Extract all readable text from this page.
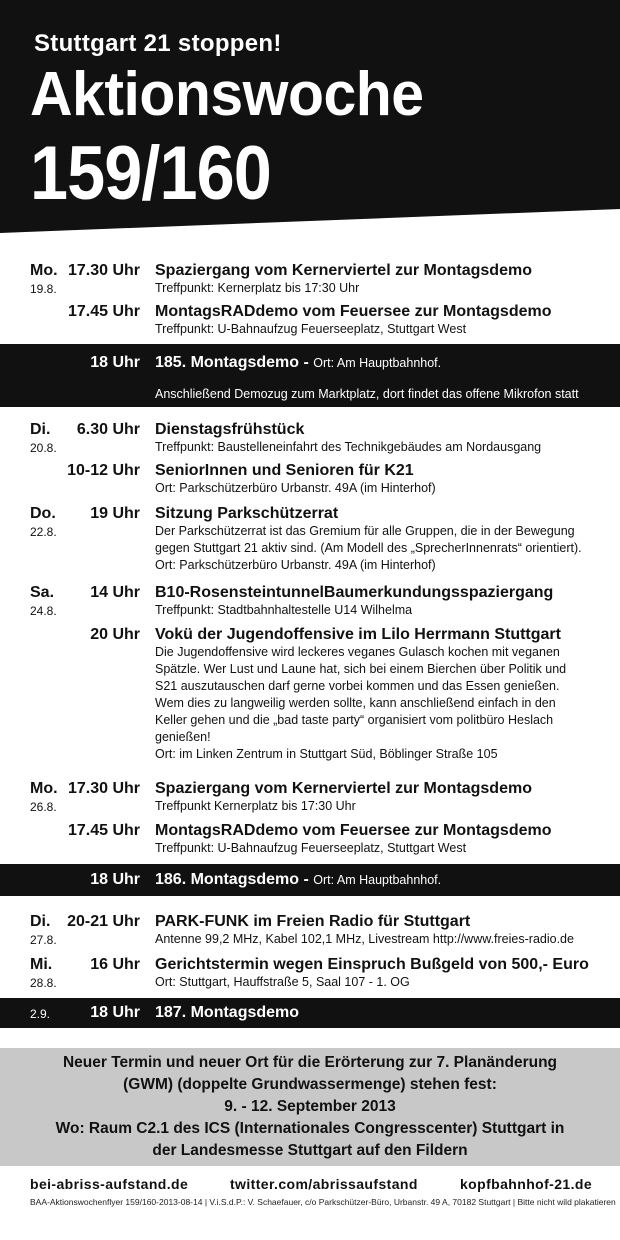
Stuttgart 21 stoppen!
Aktionswoche
159/160	19.8.- 2.9.
Mo.
19.8.
17.30 Uhr Spaziergang vom Kernerviertel zur Montagsdemo
Treffpunkt: Kernerplatz bis 17:30 Uhr
17.45 Uhr MontagsRADdemo vom Feuersee zur Montagsdemo
Treffpunkt: U-Bahnaufzug Feuerseeplatz, Stuttgart West
18 Uhr 185. Montagsdemo - Ort: Am Hauptbahnhof.
Anschließend Demozug zum Marktplatz, dort findet das offene Mikrofon statt
Di.
20.8.
6.30 Uhr Dienstagsfrühstück
Treffpunkt: Baustelleneinfahrt des Technikgebäudes am Nordausgang
10-12 Uhr SeniorInnen und Senioren für K21
Ort: Parkschützerbüro Urbanstr. 49A (im Hinterhof)
Do.
22.8.
19 Uhr Sitzung Parkschützerrat
Der Parkschützerrat ist das Gremium für alle Gruppen, die in der Bewegung
gegen Stuttgart 21 aktiv sind. (Am Modell des „SprecherInnenrats“ orientiert).
Ort: Parkschützerbüro Urbanstr. 49A (im Hinterhof)
Sa.
24.8.
14 Uhr B10-RosensteintunnelBaumerkundungsspaziergang
Treffpunkt: Stadtbahnhaltestelle U14 Wilhelma
20 Uhr Vokü der Jugendoffensive im Lilo Herrmann Stuttgart
Die Jugendoffensive wird leckeres veganes Gulasch kochen mit veganen
Spätzle. Wer Lust und Laune hat, sich bei einem Bierchen über Politik und
S21 auszutauschen darf gerne vorbei kommen und das Essen genießen.
Wem dies zu langweilig werden sollte, kann anschließend einfach in den
Keller gehen und die „bad taste party“ organisiert vom politbüro Heslach
genießen!
Ort: im Linken Zentrum in Stuttgart Süd, Böblinger Straße 105
Mo.
26.8.
17.30 Uhr Spaziergang vom Kernerviertel zur Montagsdemo
Treffpunkt Kernerplatz bis 17:30 Uhr
17.45 Uhr MontagsRADdemo vom Feuersee zur Montagsdemo
Treffpunkt: U-Bahnaufzug Feuerseeplatz, Stuttgart West
18 Uhr 186. Montagsdemo - Ort: Am Hauptbahnhof.
Di.
27.8.
20-21 Uhr PARK-FUNK im Freien Radio für Stuttgart
Antenne 99,2 MHz, Kabel 102,1 MHz, Livestream http://www.freies-radio.de
Mi.
28.8.
16 Uhr Gerichtstermin wegen Einspruch Bußgeld von 500,- Euro
Ort: Stuttgart, Hauffstraße 5, Saal 107 - 1. OG
2.9.	18 Uhr 187. Montagsdemo
Neuer Termin und neuer Ort für die Erörterung zur 7. Planänderung
(GWM) (doppelte Grundwassermenge) stehen fest:
9. - 12. September 2013
Wo: Raum C2.1 des ICS (Internationales Congresscenter) Stuttgart in
der Landesmesse Stuttgart auf den Fildern
bei-abriss-aufstand.de	twitter.com/abrissaufstand	kopfbahnhof-21.de
BAA-Aktionswochenflyer 159/160-2013-08-14 | V.i.S.d.P.: V. Schaefauer, c/o Parkschützer-Büro, Urbanstr. 49 A, 70182 Stuttgart | Bitte nicht wild plakatieren
